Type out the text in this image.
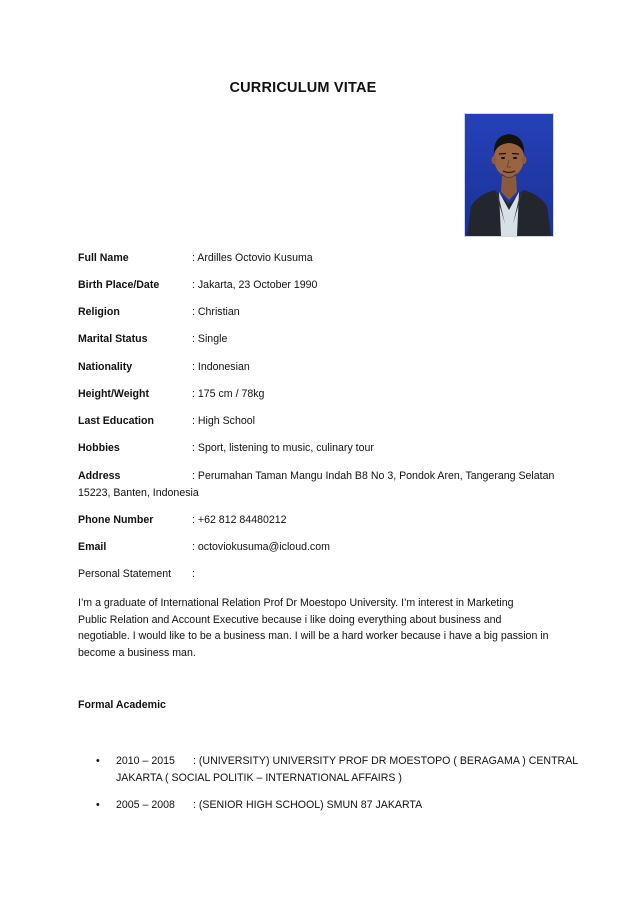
CURRICULUM VITAE
Full Name	: Ardilles Octovio Kusuma
Birth Place/Date	: Jakarta, 23 October 1990
Religion	: Christian
Marital Status	: Single
Nationality	: Indonesian
Height/Weight	: 175 cm / 78kg
Last Education	: High School
Hobbies	: Sport, listening to music, culinary tour
Address	: Perumahan Taman Mangu Indah B8 No 3, Pondok Aren, Tangerang Selatan
15223, Banten, Indonesia
Phone Number	: +62 812 84480212
Email	: octoviokusuma@icloud.com
Personal Statement :
I’m a graduate of International Relation Prof Dr Moestopo University. I’m interest in Marketing
Public Relation and Account Executive because i like doing everything about business and
negotiable. I would like to be a business man. I will be a hard worker because i have a big passion in
become a business man.
Formal Academic
• 2010 – 2015 : (UNIVERSITY) UNIVERSITY PROF DR MOESTOPO ( BERAGAMA ) CENTRAL
JAKARTA ( SOCIAL POLITIK – INTERNATIONAL AFFAIRS )
• 2005 – 2008 : (SENIOR HIGH SCHOOL) SMUN 87 JAKARTA
